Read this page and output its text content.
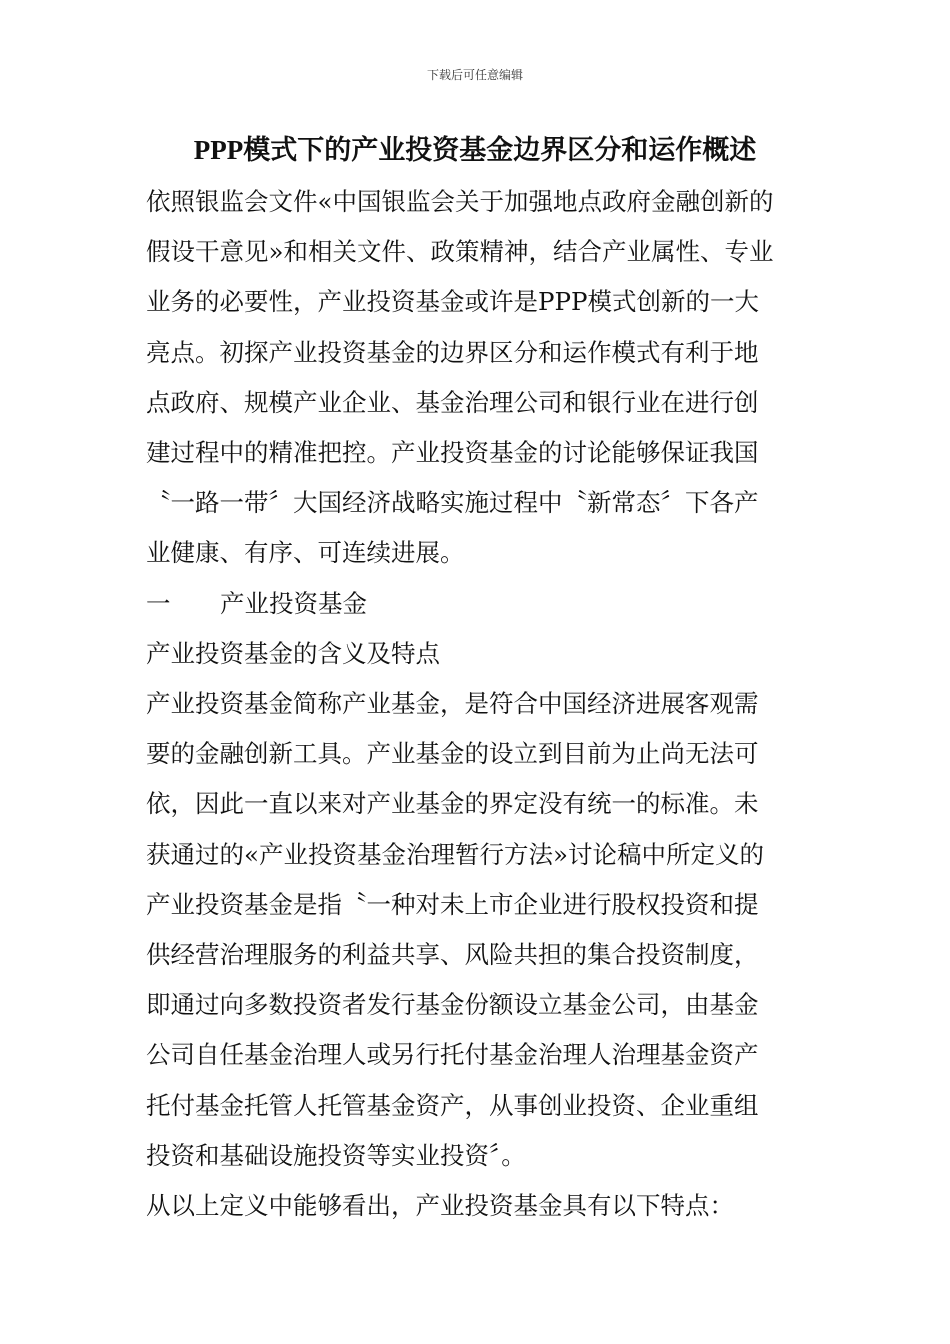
下载后可任意编辑
PPP模式下的产业投资基金边界区分和运作概述
依照银监会文件«中国银监会关于加强地点政府金融创新的
假设干意见»和相关文件、政策精神，结合产业属性、专业
业务的必要性，产业投资基金或许是PPP模式创新的一大
亮点。初探产业投资基金的边界区分和运作模式有利于地
点政府、规模产业企业、基金治理公司和银行业在进行创
建过程中的精准把控。产业投资基金的讨论能够保证我国
〝一路一带〞大国经济战略实施过程中〝新常态〞下各产
业健康、有序、可连续进展。
一 产业投资基金
产业投资基金的含义及特点
产业投资基金简称产业基金，是符合中国经济进展客观需
要的金融创新工具。产业基金的设立到目前为止尚无法可
依，因此一直以来对产业基金的界定没有统一的标准。未
获通过的«产业投资基金治理暂行方法»讨论稿中所定义的
产业投资基金是指〝一种对未上市企业进行股权投资和提
供经营治理服务的利益共享、风险共担的集合投资制度，
即通过向多数投资者发行基金份额设立基金公司，由基金
公司自任基金治理人或另行托付基金治理人治理基金资产
托付基金托管人托管基金资产，从事创业投资、企业重组
投资和基础设施投资等实业投资〞。
从以上定义中能够看出，产业投资基金具有以下特点：
